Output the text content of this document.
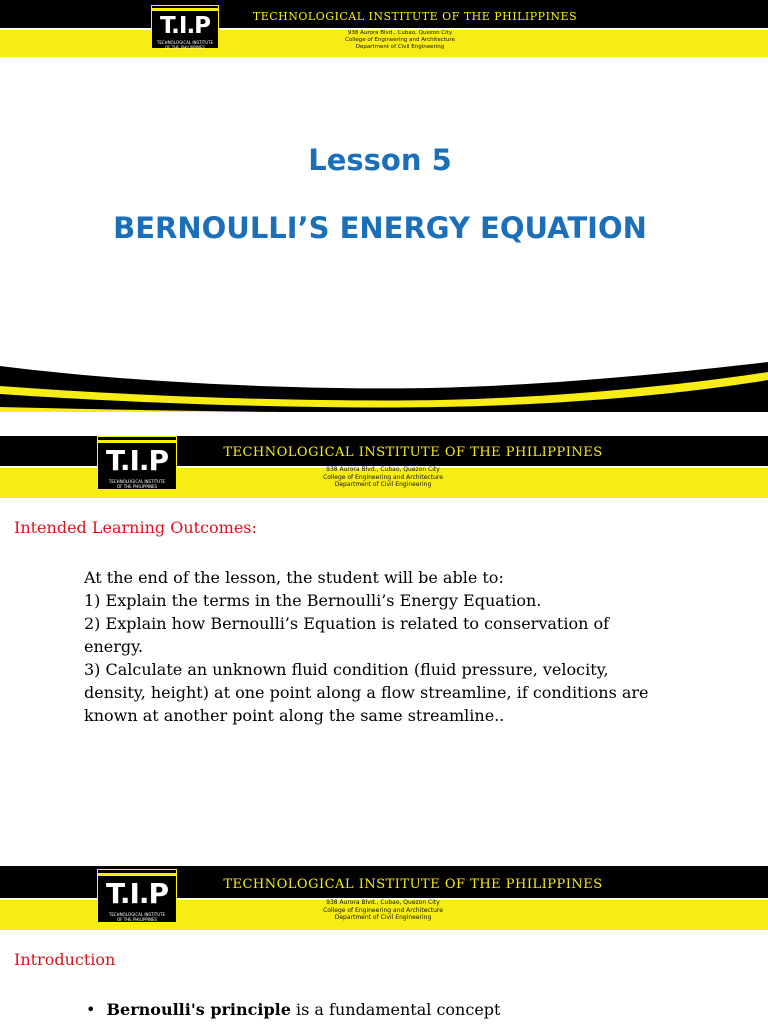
T.I.P
TECHNOLOGICAL INSTITUTE
OF THE PHILIPPINES
TECHNOLOGICAL INSTITUTE OF THE PHILIPPINES
938 Aurora Blvd., Cubao, Quezon City
College of Engineering and Architecture
Department of Civil Engineering
Lesson 5
BERNOULLI’S ENERGY EQUATION
T.I.P
TECHNOLOGICAL INSTITUTE
OF THE PHILIPPINES
TECHNOLOGICAL INSTITUTE OF THE PHILIPPINES
938 Aurora Blvd., Cubao, Quezon City
College of Engineering and Architecture
Department of Civil Engineering
Intended Learning Outcomes:
At the end of the lesson, the student will be able to:
1) Explain the terms in the Bernoulli’s Energy Equation.
2) Explain how Bernoulli’s Equation is related to conservation of
energy.
3) Calculate an unknown fluid condition (fluid pressure, velocity,
density, height) at one point along a flow streamline, if conditions are
known at another point along the same streamline..
T.I.P
TECHNOLOGICAL INSTITUTE
OF THE PHILIPPINES
TECHNOLOGICAL INSTITUTE OF THE PHILIPPINES
938 Aurora Blvd., Cubao, Quezon City
College of Engineering and Architecture
Department of Civil Engineering
Introduction
• Bernoulli's principle is a fundamental concept
